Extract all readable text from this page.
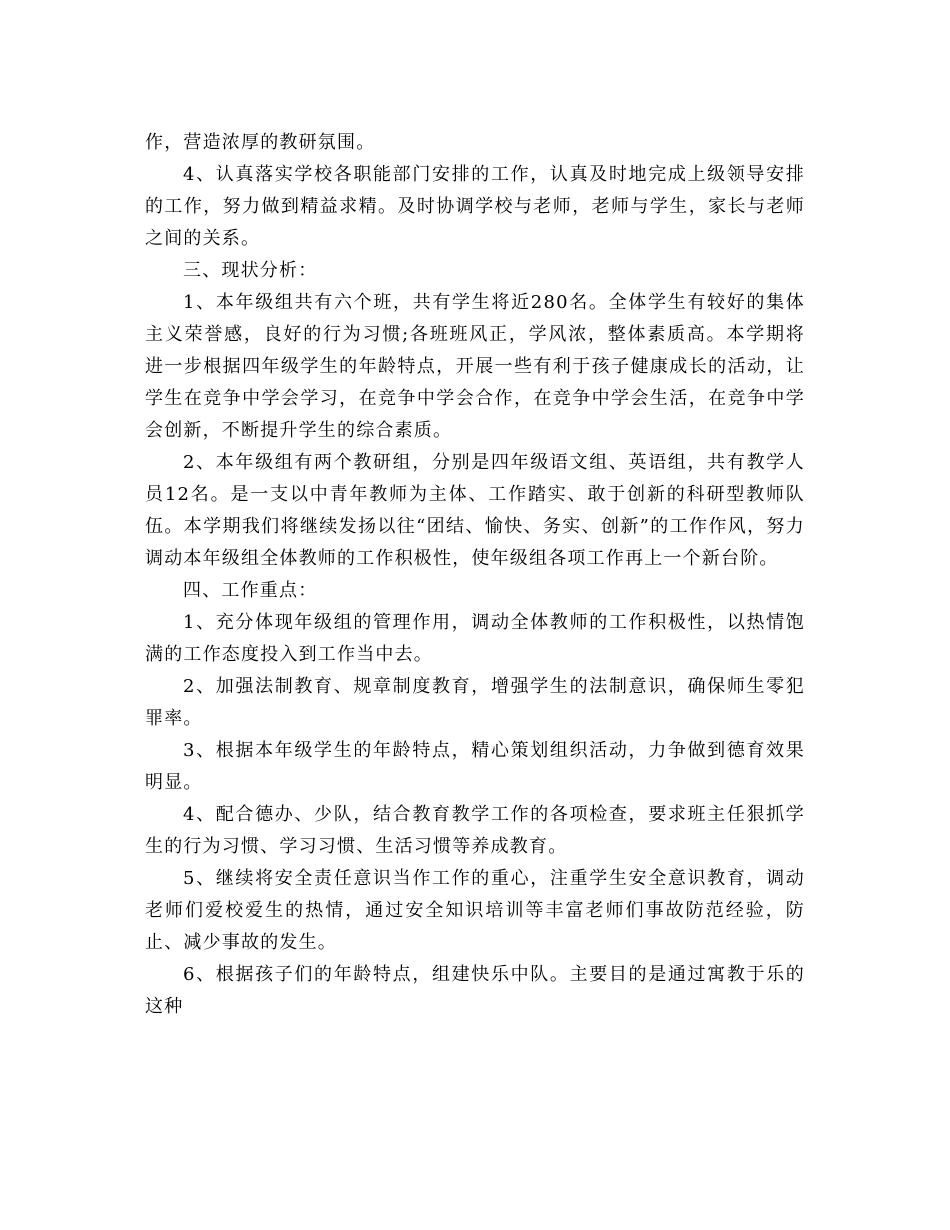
作，营造浓厚的教研氛围。

4、认真落实学校各职能部门安排的工作，认真及时地完成上级领导安排的工作，努力做到精益求精。及时协调学校与老师，老师与学生，家长与老师之间的关系。

三、现状分析：

1、本年级组共有六个班，共有学生将近280名。全体学生有较好的集体主义荣誉感，良好的行为习惯;各班班风正，学风浓，整体素质高。本学期将进一步根据四年级学生的年龄特点，开展一些有利于孩子健康成长的活动，让学生在竞争中学会学习，在竞争中学会合作，在竞争中学会生活，在竞争中学会创新，不断提升学生的综合素质。

2、本年级组有两个教研组，分别是四年级语文组、英语组，共有教学人员12名。是一支以中青年教师为主体、工作踏实、敢于创新的科研型教师队伍。本学期我们将继续发扬以往“团结、愉快、务实、创新”的工作作风，努力调动本年级组全体教师的工作积极性，使年级组各项工作再上一个新台阶。

四、工作重点：

1、充分体现年级组的管理作用，调动全体教师的工作积极性，以热情饱满的工作态度投入到工作当中去。

2、加强法制教育、规章制度教育，增强学生的法制意识，确保师生零犯罪率。

3、根据本年级学生的年龄特点，精心策划组织活动，力争做到德育效果明显。

4、配合德办、少队，结合教育教学工作的各项检查，要求班主任狠抓学生的行为习惯、学习习惯、生活习惯等养成教育。

5、继续将安全责任意识当作工作的重心，注重学生安全意识教育，调动老师们爱校爱生的热情，通过安全知识培训等丰富老师们事故防范经验，防止、减少事故的发生。

6、根据孩子们的年龄特点，组建快乐中队。主要目的是通过寓教于乐的这种
